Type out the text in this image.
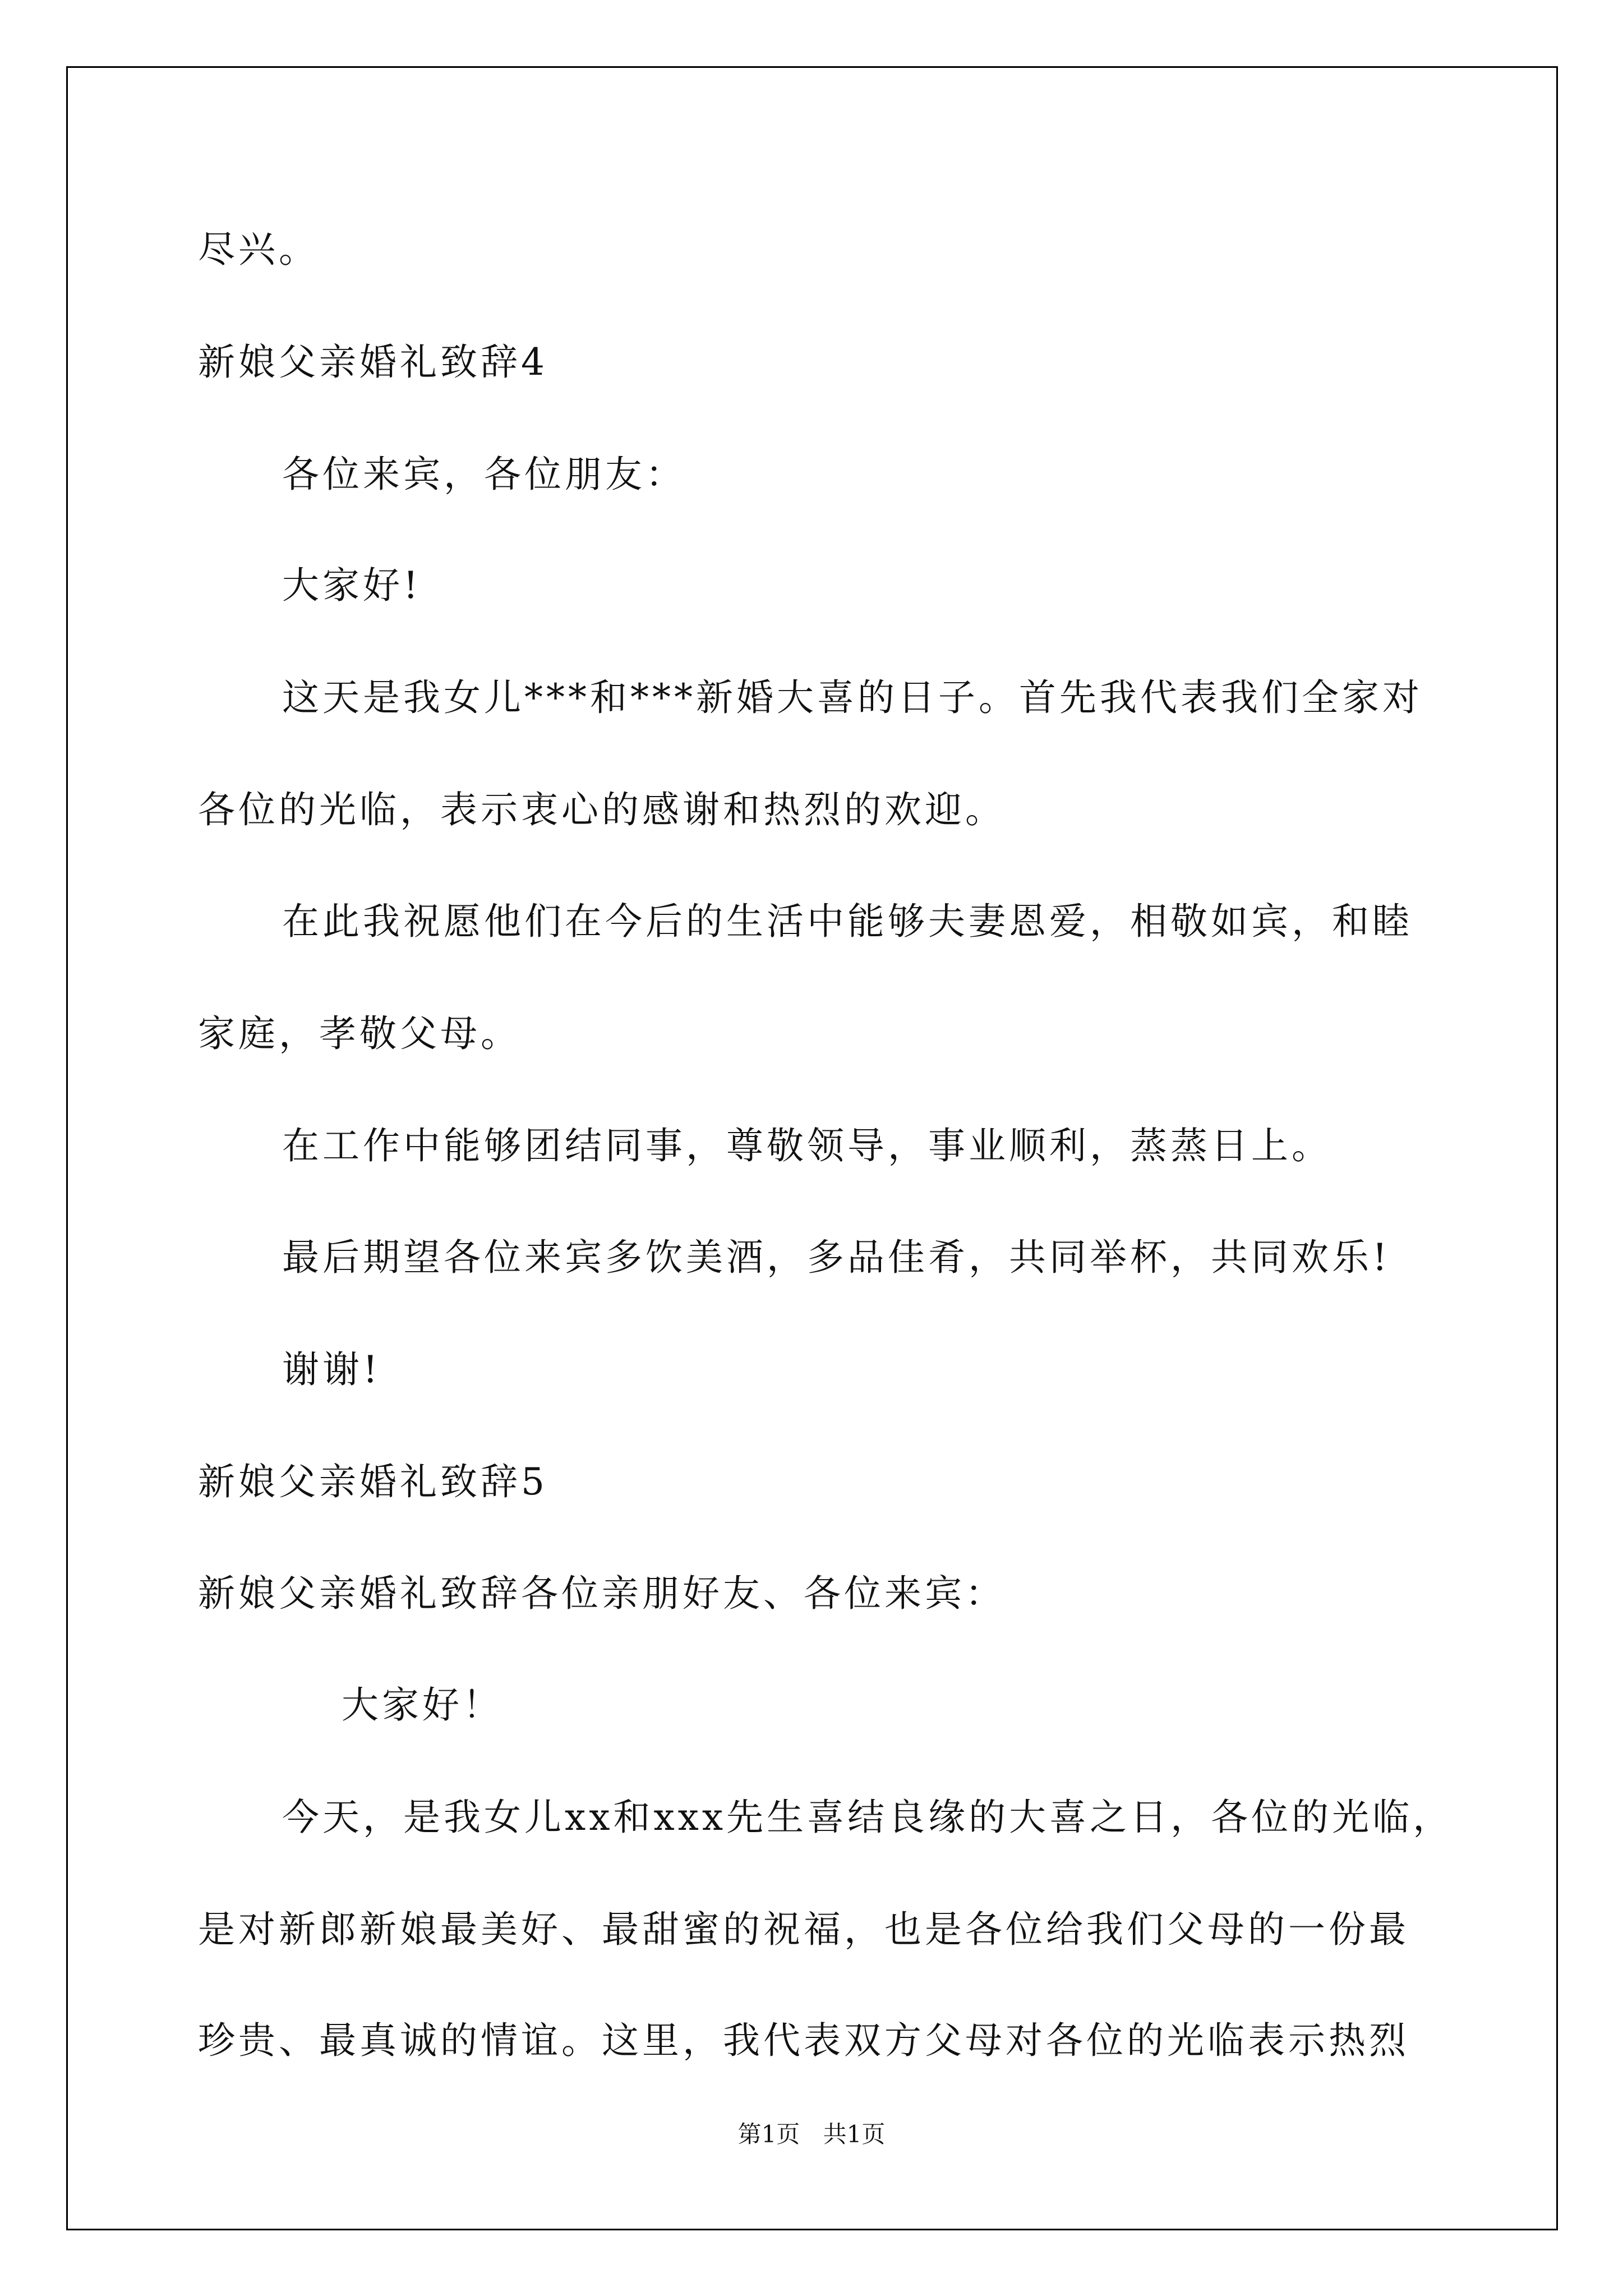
尽兴。
新娘父亲婚礼致辞4
各位来宾，各位朋友：
大家好!
这天是我女儿***和***新婚大喜的日子。首先我代表我们全家对
各位的光临，表示衷心的感谢和热烈的欢迎。
在此我祝愿他们在今后的生活中能够夫妻恩爱，相敬如宾，和睦
家庭，孝敬父母。
在工作中能够团结同事，尊敬领导，事业顺利，蒸蒸日上。
最后期望各位来宾多饮美酒，多品佳肴，共同举杯，共同欢乐!
谢谢!
新娘父亲婚礼致辞5
新娘父亲婚礼致辞各位亲朋好友、各位来宾：
大家好！
今天，是我女儿xx和xxx先生喜结良缘的大喜之日，各位的光临，
是对新郎新娘最美好、最甜蜜的祝福，也是各位给我们父母的一份最
珍贵、最真诚的情谊。这里，我代表双方父母对各位的光临表示热烈
第1页 共1页
